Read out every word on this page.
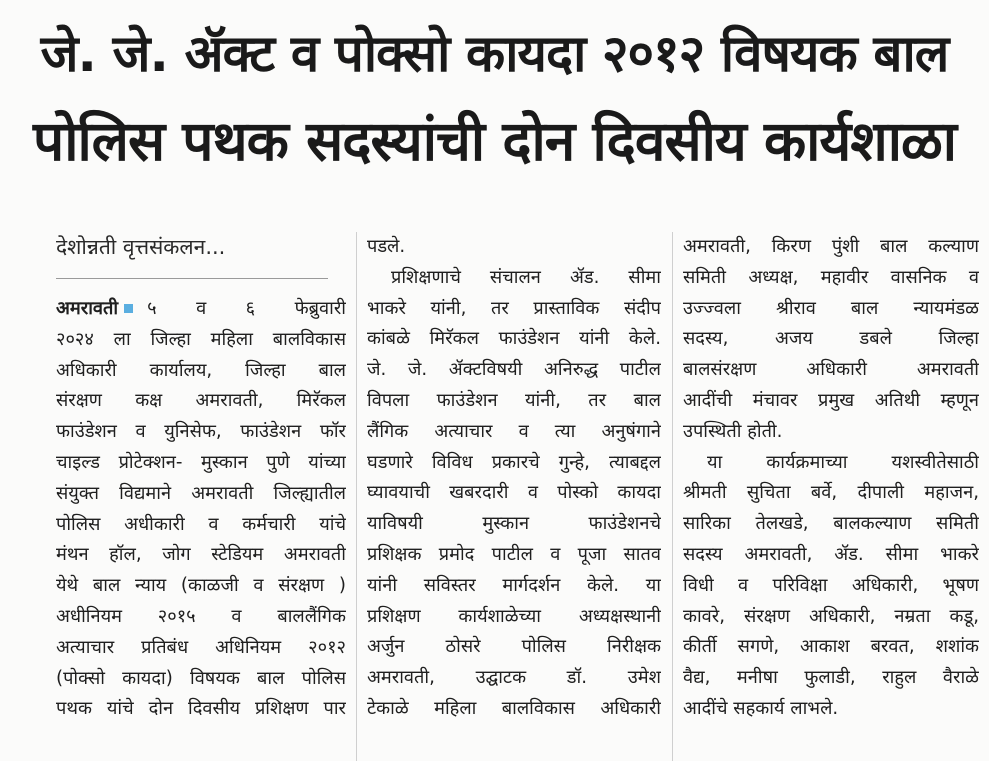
जे. जे. ॲक्ट व पोक्सो कायदा २०१२ विषयक बाल
पोलिस पथक सदस्यांची दोन दिवसीय कार्यशाळा
देशोन्नती वृत्तसंकलन...
अमरावती ५ व ६ फेब्रुवारी
२०२४ ला जिल्हा महिला बालविकास
अधिकारी कार्यालय, जिल्हा बाल
संरक्षण कक्ष अमरावती, मिरॅकल
फाउंडेशन व युनिसेफ, फाउंडेशन फॉर
चाइल्ड प्रोटेक्शन- मुस्कान पुणे यांच्या
संयुक्त विद्यमाने अमरावती जिल्ह्यातील
पोलिस अधीकारी व कर्मचारी यांचे
मंथन हॉल, जोग स्टेडियम अमरावती
येथे बाल न्याय (काळजी व संरक्षण )
अधीनियम २०१५ व बाललैंगिक
अत्याचार प्रतिबंध अधिनियम २०१२
(पोक्सो कायदा) विषयक बाल पोलिस
पथक यांचे दोन दिवसीय प्रशिक्षण पार
पडले.
प्रशिक्षणाचे संचालन ॲड. सीमा
भाकरे यांनी, तर प्रास्ताविक संदीप
कांबळे मिरॅकल फाउंडेशन यांनी केले.
जे. जे. ॲक्टविषयी अनिरुद्ध पाटील
विपला फाउंडेशन यांनी, तर बाल
लैंगिक अत्याचार व त्या अनुषंगाने
घडणारे विविध प्रकारचे गुन्हे, त्याबद्दल
घ्यावयाची खबरदारी व पोस्को कायदा
याविषयी मुस्कान फाउंडेशनचे
प्रशिक्षक प्रमोद पाटील व पूजा सातव
यांनी सविस्तर मार्गदर्शन केले. या
प्रशिक्षण कार्यशाळेच्या अध्यक्षस्थानी
अर्जुन ठोसरे पोलिस निरीक्षक
अमरावती, उद्घाटक डॉ. उमेश
टेकाळे महिला बालविकास अधिकारी
अमरावती, किरण पुंशी बाल कल्याण
समिती अध्यक्ष, महावीर वासनिक व
उज्ज्वला श्रीराव बाल न्यायमंडळ
सदस्य, अजय डबले जिल्हा
बालसंरक्षण अधिकारी अमरावती
आदींची मंचावर प्रमुख अतिथी म्हणून
उपस्थिती होती.
या कार्यक्रमाच्या यशस्वीतेसाठी
श्रीमती सुचिता बर्वे, दीपाली महाजन,
सारिका तेलखडे, बालकल्याण समिती
सदस्य अमरावती, ॲड. सीमा भाकरे
विधी व परिविक्षा अधिकारी, भूषण
कावरे, संरक्षण अधिकारी, नम्रता कडू,
कीर्ती सगणे, आकाश बरवत, शशांक
वैद्य, मनीषा फुलाडी, राहुल वैराळे
आदींचे सहकार्य लाभले.
